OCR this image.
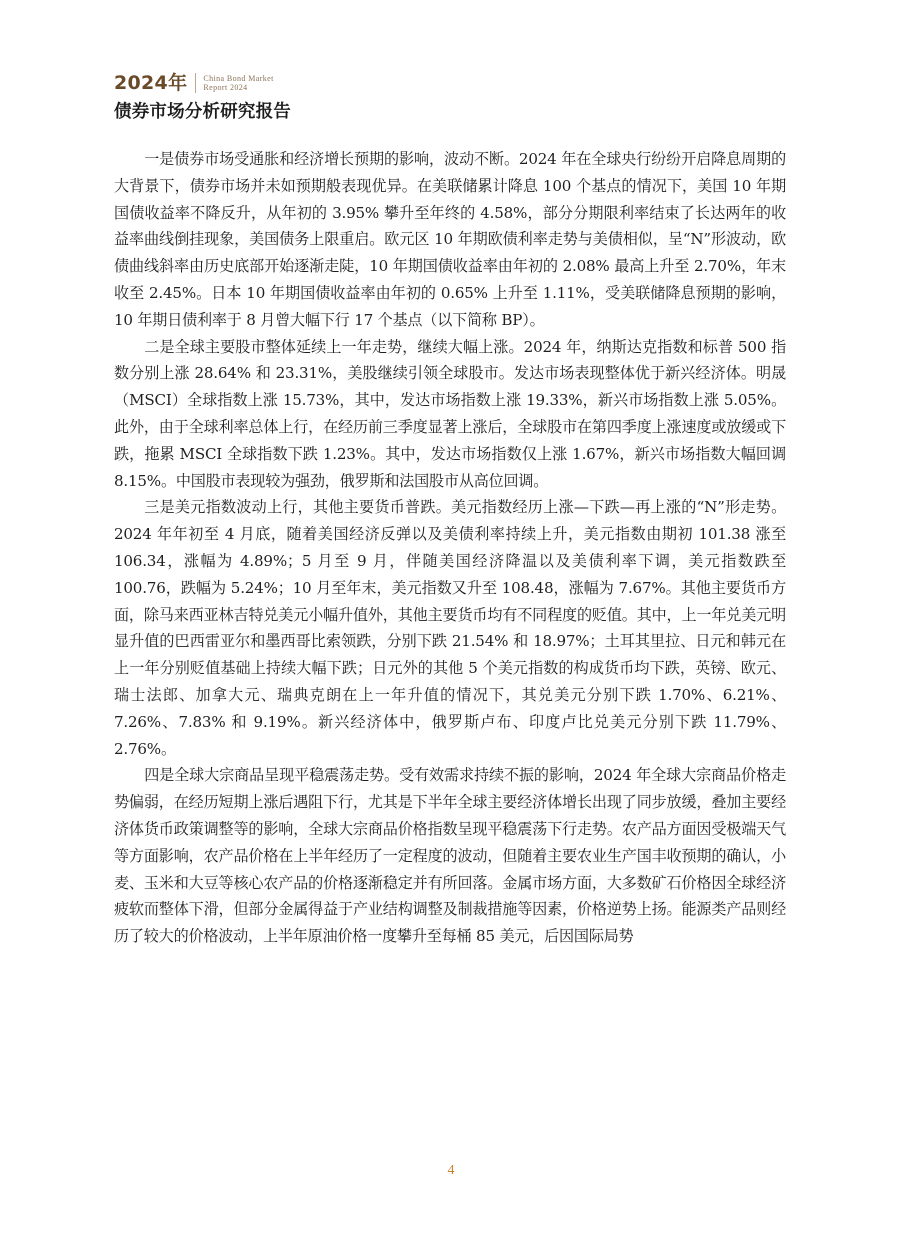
2024年 China Bond Market
Report 2024
债券市场分析研究报告

一是债券市场受通胀和经济增长预期的影响，波动不断。2024 年在全球央行纷纷开启降息周期的大背景下，债券市场并未如预期般表现优异。在美联储累计降息 100 个基点的情况下，美国 10 年期国债收益率不降反升，从年初的 3.95% 攀升至年终的 4.58%，部分分期限利率结束了长达两年的收益率曲线倒挂现象，美国债务上限重启。欧元区 10 年期欧债利率走势与美债相似，呈“N”形波动，欧债曲线斜率由历史底部开始逐渐走陡，10 年期国债收益率由年初的 2.08% 最高上升至 2.70%，年末收至 2.45%。日本 10 年期国债收益率由年初的 0.65% 上升至 1.11%，受美联储降息预期的影响，10 年期日债利率于 8 月曾大幅下行 17 个基点（以下简称 BP）。

二是全球主要股市整体延续上一年走势，继续大幅上涨。2024 年，纳斯达克指数和标普 500 指数分别上涨 28.64% 和 23.31%，美股继续引领全球股市。发达市场表现整体优于新兴经济体。明晟（MSCI）全球指数上涨 15.73%，其中，发达市场指数上涨 19.33%，新兴市场指数上涨 5.05%。此外，由于全球利率总体上行，在经历前三季度显著上涨后，全球股市在第四季度上涨速度或放缓或下跌，拖累 MSCI 全球指数下跌 1.23%。其中，发达市场指数仅上涨 1.67%，新兴市场指数大幅回调 8.15%。中国股市表现较为强劲，俄罗斯和法国股市从高位回调。

三是美元指数波动上行，其他主要货币普跌。美元指数经历上涨—下跌—再上涨的“N”形走势。2024 年年初至 4 月底，随着美国经济反弹以及美债利率持续上升，美元指数由期初 101.38 涨至 106.34，涨幅为 4.89%；5 月至 9 月，伴随美国经济降温以及美债利率下调，美元指数跌至 100.76，跌幅为 5.24%；10 月至年末，美元指数又升至 108.48，涨幅为 7.67%。其他主要货币方面，除马来西亚林吉特兑美元小幅升值外，其他主要货币均有不同程度的贬值。其中，上一年兑美元明显升值的巴西雷亚尔和墨西哥比索领跌，分别下跌 21.54% 和 18.97%；土耳其里拉、日元和韩元在上一年分别贬值基础上持续大幅下跌；日元外的其他 5 个美元指数的构成货币均下跌，英镑、欧元、瑞士法郎、加拿大元、瑞典克朗在上一年升值的情况下，其兑美元分别下跌 1.70%、6.21%、7.26%、7.83% 和 9.19%。新兴经济体中，俄罗斯卢布、印度卢比兑美元分别下跌 11.79%、2.76%。

四是全球大宗商品呈现平稳震荡走势。受有效需求持续不振的影响，2024 年全球大宗商品价格走势偏弱，在经历短期上涨后遇阻下行，尤其是下半年全球主要经济体增长出现了同步放缓，叠加主要经济体货币政策调整等的影响，全球大宗商品价格指数呈现平稳震荡下行走势。农产品方面因受极端天气等方面影响，农产品价格在上半年经历了一定程度的波动，但随着主要农业生产国丰收预期的确认，小麦、玉米和大豆等核心农产品的价格逐渐稳定并有所回落。金属市场方面，大多数矿石价格因全球经济疲软而整体下滑，但部分金属得益于产业结构调整及制裁措施等因素，价格逆势上扬。能源类产品则经历了较大的价格波动，上半年原油价格一度攀升至每桶 85 美元，后因国际局势

4
